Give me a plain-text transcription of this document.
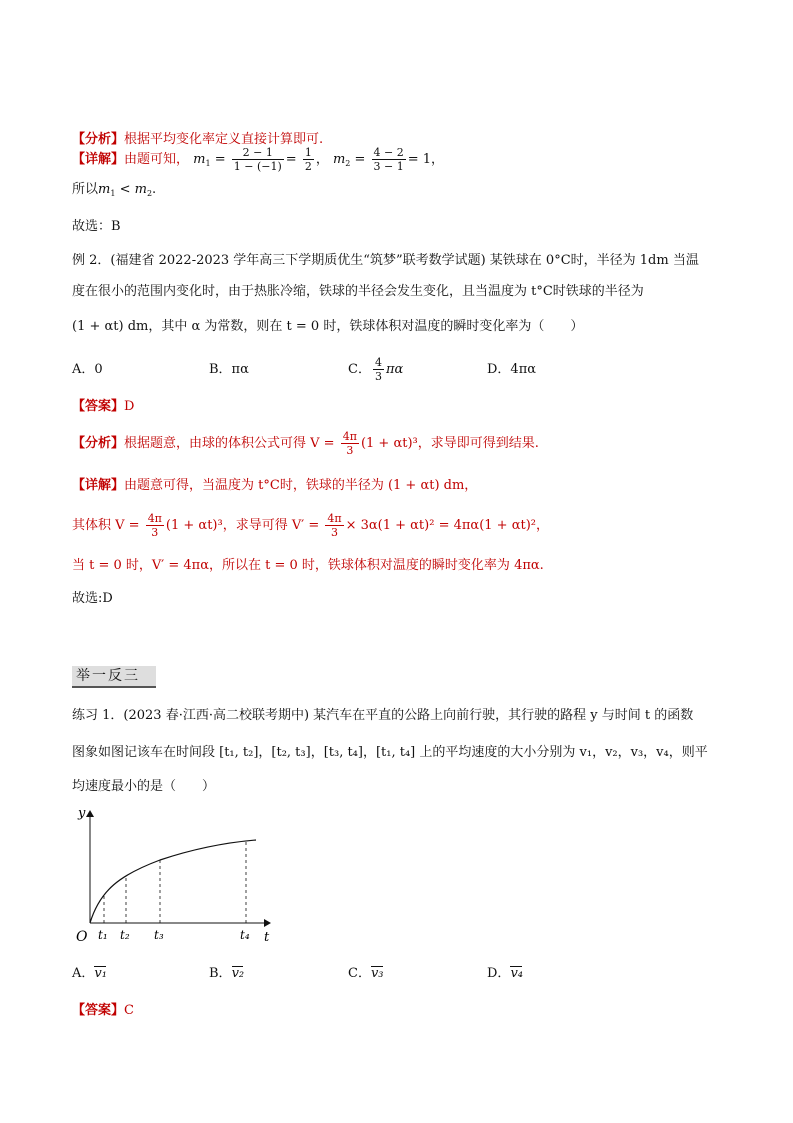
【分析】根据平均变化率定义直接计算即可.
【详解】由题可知， $m_1 = \frac{2 - 1}{1 - (-1)} = \frac{1}{2}$ ， $m_2 = \frac{4 - 2}{3 - 1} = 1$，
所以$m_1 < m_2$.
故选：B
例 2．(福建省 2022-2023 学年高三下学期质优生“筑梦”联考数学试题) 某铁球在 0°C时，半径为 1dm 当温
度在很小的范围内变化时，由于热胀冷缩，铁球的半径会发生变化，且当温度为 t°C时铁球的半径为
(1 + αt) dm，其中 α 为常数，则在 t = 0 时，铁球体积对温度的瞬时变化率为（　　）
A．0	B．πα	C． $\frac{4}{3}$ πα	D．4πα
【答案】D
【分析】根据题意，由球的体积公式可得 $V = \frac{4\pi}{3} (1 + \alpha t)^3$，求导即可得到结果.
【详解】由题意可得，当温度为 t°C时，铁球的半径为 (1 + αt) dm，
其体积 $V = \frac{4\pi}{3} (1 + \alpha t)^3$，求导可得 $V' = \frac{4\pi}{3} \times 3\alpha(1 + \alpha t)^2 = 4\pi\alpha(1 + \alpha t)^2$，
当 t = 0 时，V′ = 4πα，所以在 t = 0 时，铁球体积对温度的瞬时变化率为 4πα.
故选:D
举一反三
练习 1．(2023 春·江西·高二校联考期中) 某汽车在平直的公路上向前行驶，其行驶的路程 y 与时间 t 的函数
图象如图记该车在时间段 [t₁, t₂]，[t₂, t₃]，[t₃, t₄]，[t₁, t₄] 上的平均速度的大小分别为 v₁，v₂，v₃，v₄，则平
均速度最小的是（　　）
y
t
O t₁ t₂ t₃	t₄
A．v₁	B．v₂	C．v₃	D．v₄
【答案】C
